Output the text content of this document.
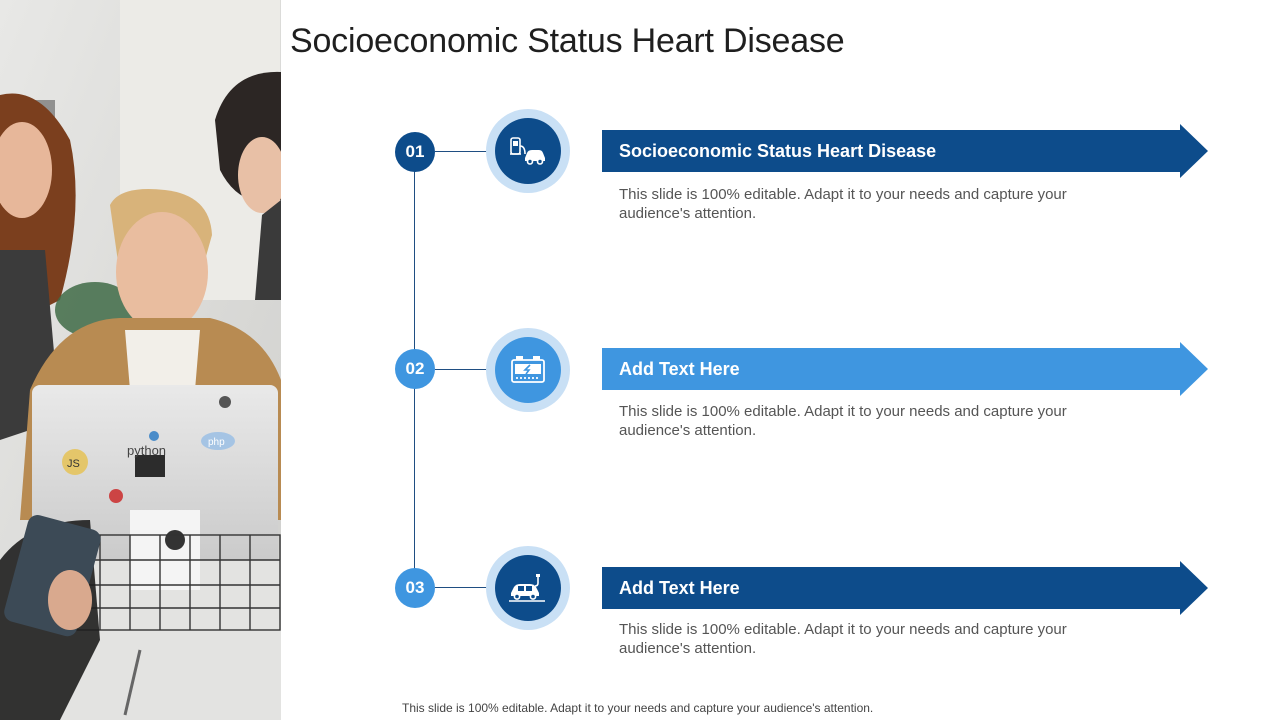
python
JS
php
Socioeconomic Status Heart Disease
01	Socioeconomic Status Heart Disease

This slide is 100% editable. Adapt it to your needs and capture your audience's attention.

02	Add Text Here

This slide is 100% editable. Adapt it to your needs and capture your audience's attention.

03	Add Text Here

This slide is 100% editable. Adapt it to your needs and capture your audience's attention.

This slide is 100% editable. Adapt it to your needs and capture your audience's attention.
